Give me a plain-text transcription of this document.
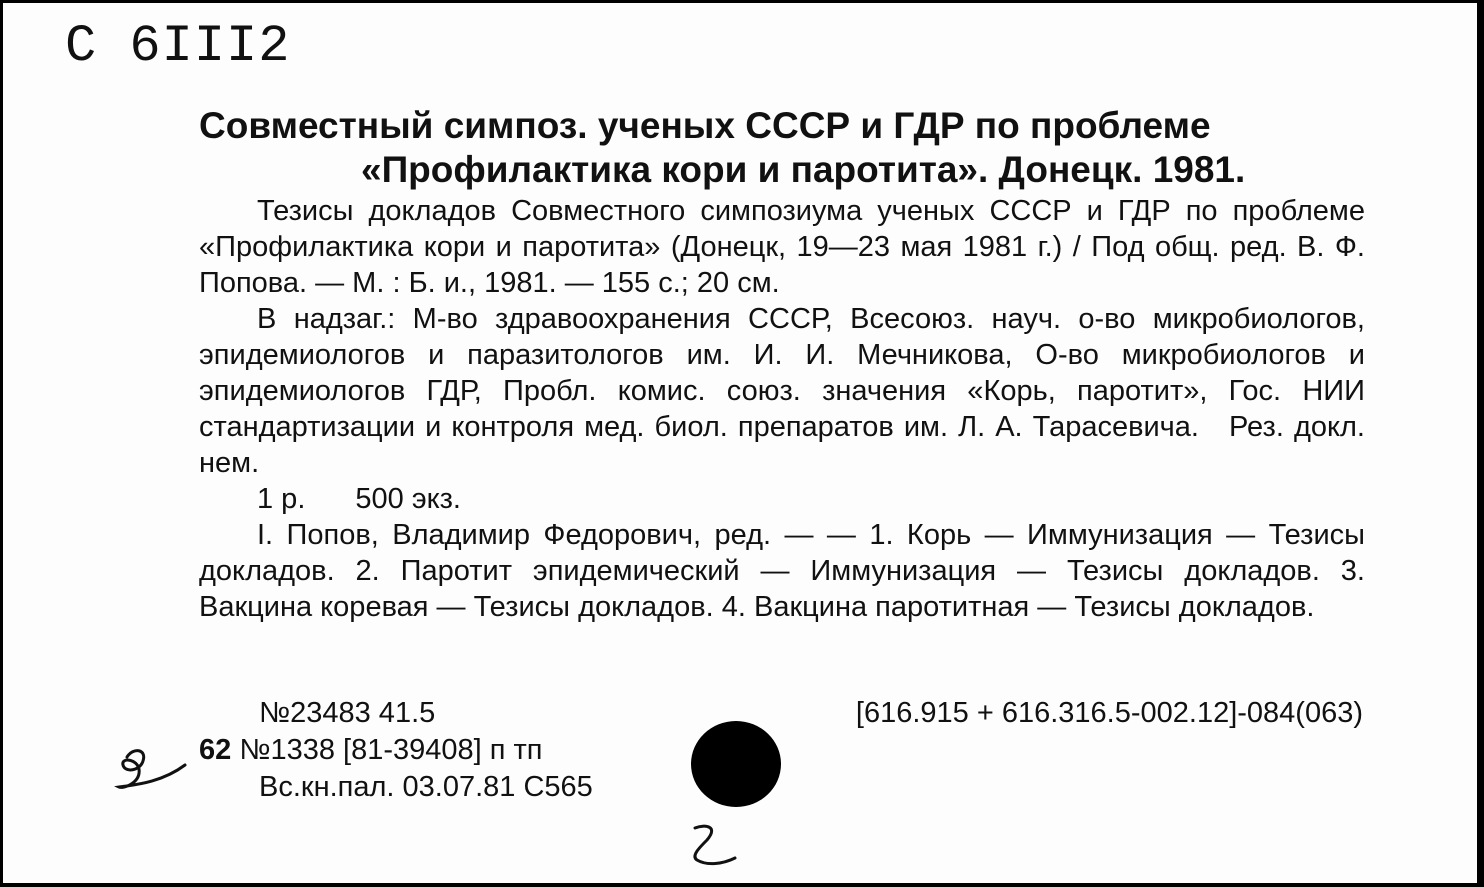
С 6III2
Совместный симпоз. ученых СССР и ГДР по проблеме
«Профилактика кори и паротита». Донецк. 1981.

Тезисы докладов Совместного симпозиума ученых СССР и ГДР по проблеме «Профилактика кори и паротита» (Донецк, 19—23 мая 1981 г.) / Под общ. ред. В. Ф. Попова. — М. : Б. и., 1981. — 155 с.; 20 см.

В надзаг.: М-во здравоохранения СССР, Всесоюз. науч. о-во микробиологов, эпидемиологов и паразитологов им. И. И. Мечникова, О-во микробиологов и эпидемиологов ГДР, Пробл. комис. союз. значения «Корь, паротит», Гос. НИИ стандартизации и контроля мед. биол. препаратов им. Л. А. Тарасевича. Рез. докл. нем.

1 р. 500 экз.

I. Попов, Владимир Федорович, ред. — — 1. Корь — Иммунизация — Тезисы докладов. 2. Паротит эпидемический — Иммунизация — Тезисы докладов. 3. Вакцина коревая — Тезисы докладов. 4. Вакцина паротитная — Тезисы докладов.

№23483 41.5	[616.915 + 616.316.5-002.12]-084(063)
62 №1338 [81-39408] п тп
Вс.кн.пал. 03.07.81 С565
